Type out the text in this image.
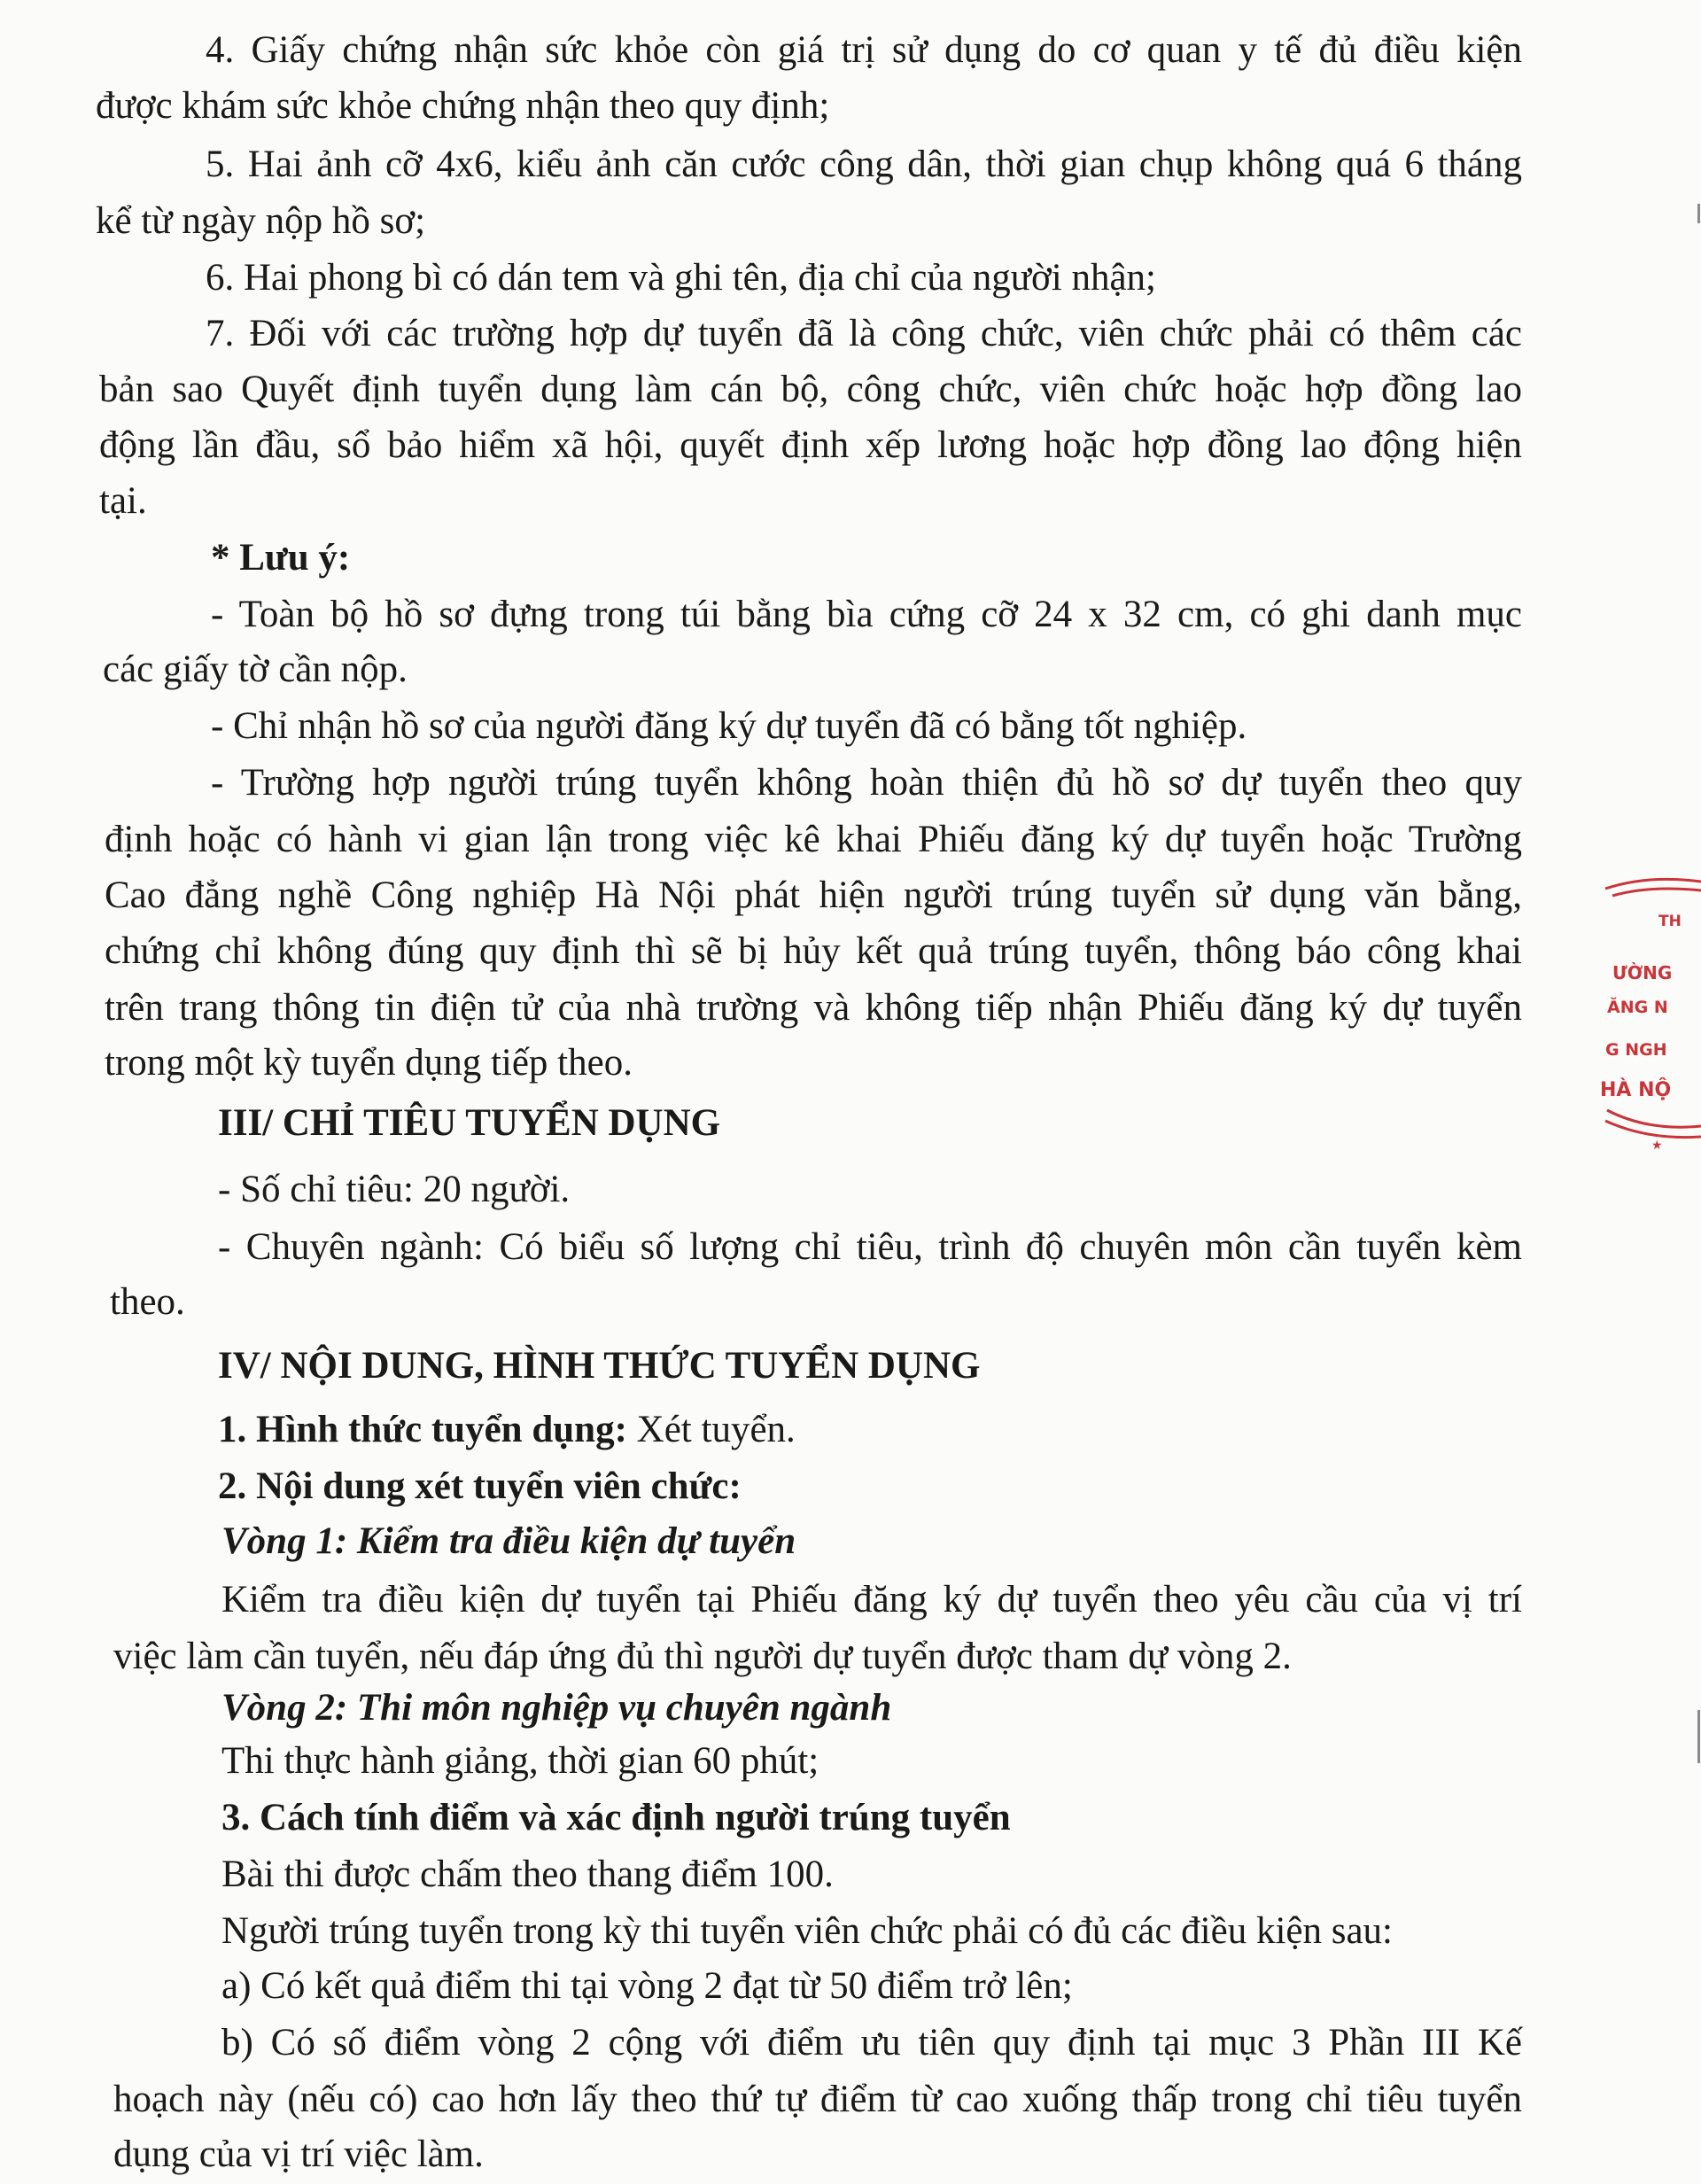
4. Giấy chứng nhận sức khỏe còn giá trị sử dụng do cơ quan y tế đủ điều kiện
được khám sức khỏe chứng nhận theo quy định;
5. Hai ảnh cỡ 4x6, kiểu ảnh căn cước công dân, thời gian chụp không quá 6 tháng
kể từ ngày nộp hồ sơ;
6. Hai phong bì có dán tem và ghi tên, địa chỉ của người nhận;
7. Đối với các trường hợp dự tuyển đã là công chức, viên chức phải có thêm các
bản sao Quyết định tuyển dụng làm cán bộ, công chức, viên chức hoặc hợp đồng lao
động lần đầu, sổ bảo hiểm xã hội, quyết định xếp lương hoặc hợp đồng lao động hiện
tại.
* Lưu ý:
- Toàn bộ hồ sơ đựng trong túi bằng bìa cứng cỡ 24 x 32 cm, có ghi danh mục
các giấy tờ cần nộp.
- Chỉ nhận hồ sơ của người đăng ký dự tuyển đã có bằng tốt nghiệp.
- Trường hợp người trúng tuyển không hoàn thiện đủ hồ sơ dự tuyển theo quy
định hoặc có hành vi gian lận trong việc kê khai Phiếu đăng ký dự tuyển hoặc Trường
Cao đẳng nghề Công nghiệp Hà Nội phát hiện người trúng tuyển sử dụng văn bằng,
chứng chỉ không đúng quy định thì sẽ bị hủy kết quả trúng tuyển, thông báo công khai
trên trang thông tin điện tử của nhà trường và không tiếp nhận Phiếu đăng ký dự tuyển
trong một kỳ tuyển dụng tiếp theo.
III/ CHỈ TIÊU TUYỂN DỤNG
- Số chỉ tiêu: 20 người.
- Chuyên ngành: Có biểu số lượng chỉ tiêu, trình độ chuyên môn cần tuyển kèm
theo.
IV/ NỘI DUNG, HÌNH THỨC TUYỂN DỤNG
1. Hình thức tuyển dụng: Xét tuyển.
2. Nội dung xét tuyển viên chức:
Vòng 1: Kiểm tra điều kiện dự tuyển
Kiểm tra điều kiện dự tuyển tại Phiếu đăng ký dự tuyển theo yêu cầu của vị trí
việc làm cần tuyển, nếu đáp ứng đủ thì người dự tuyển được tham dự vòng 2.
Vòng 2: Thi môn nghiệp vụ chuyên ngành
Thi thực hành giảng, thời gian 60 phút;
3. Cách tính điểm và xác định người trúng tuyển
Bài thi được chấm theo thang điểm 100.
Người trúng tuyển trong kỳ thi tuyển viên chức phải có đủ các điều kiện sau:
a) Có kết quả điểm thi tại vòng 2 đạt từ 50 điểm trở lên;
b) Có số điểm vòng 2 cộng với điểm ưu tiên quy định tại mục 3 Phần III Kế
hoạch này (nếu có) cao hơn lấy theo thứ tự điểm từ cao xuống thấp trong chỉ tiêu tuyển
dụng của vị trí việc làm.
TH
ƯỜNG
ĂNG N
G NGH
HÀ NỘ
★
